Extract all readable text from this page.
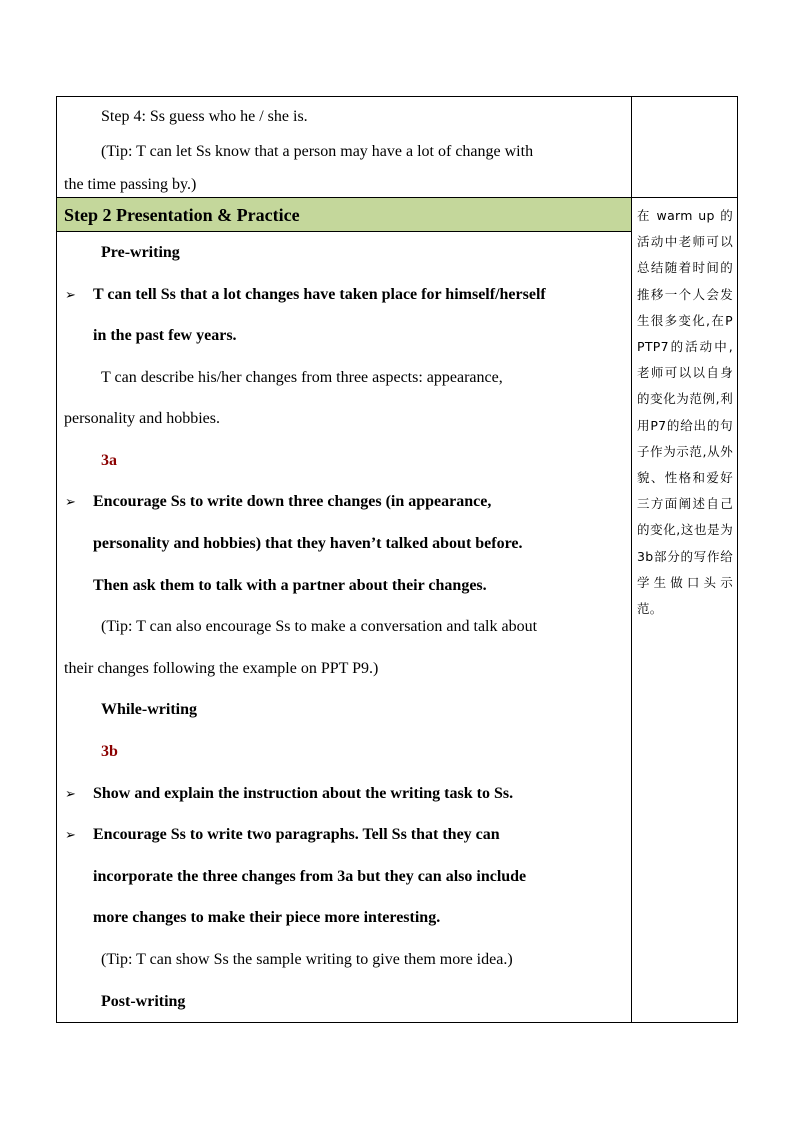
Step 2 Presentation & Practice
Step 4: Ss guess who he / she is.
(Tip: T can let Ss know that a person may have a lot of change with
the time passing by.)
Pre-writing
➢ T can tell Ss that a lot changes have taken place for himself/herself
in the past few years.
T can describe his/her changes from three aspects: appearance,
personality and hobbies.
3a
➢ Encourage Ss to write down three changes (in appearance,
personality and hobbies) that they haven’t talked about before.
Then ask them to talk with a partner about their changes.
(Tip: T can also encourage Ss to make a conversation and talk about
their changes following the example on PPT P9.)
While-writing
3b
➢ Show and explain the instruction about the writing task to Ss.
➢ Encourage Ss to write two paragraphs. Tell Ss that they can
incorporate the three changes from 3a but they can also include
more changes to make their piece more interesting.
(Tip: T can show Ss the sample writing to give them more idea.)
Post-writing
在 warm up 的活动中老师可以总结随着时间的推移一个人会发生很多变化,在PPTP7的活动中,老师可以以自身的变化为范例,利用P7的给出的句子作为示范,从外貌、性格和爱好三方面阐述自己的变化,这也是为3b部分的写作给学生做口头示范。
